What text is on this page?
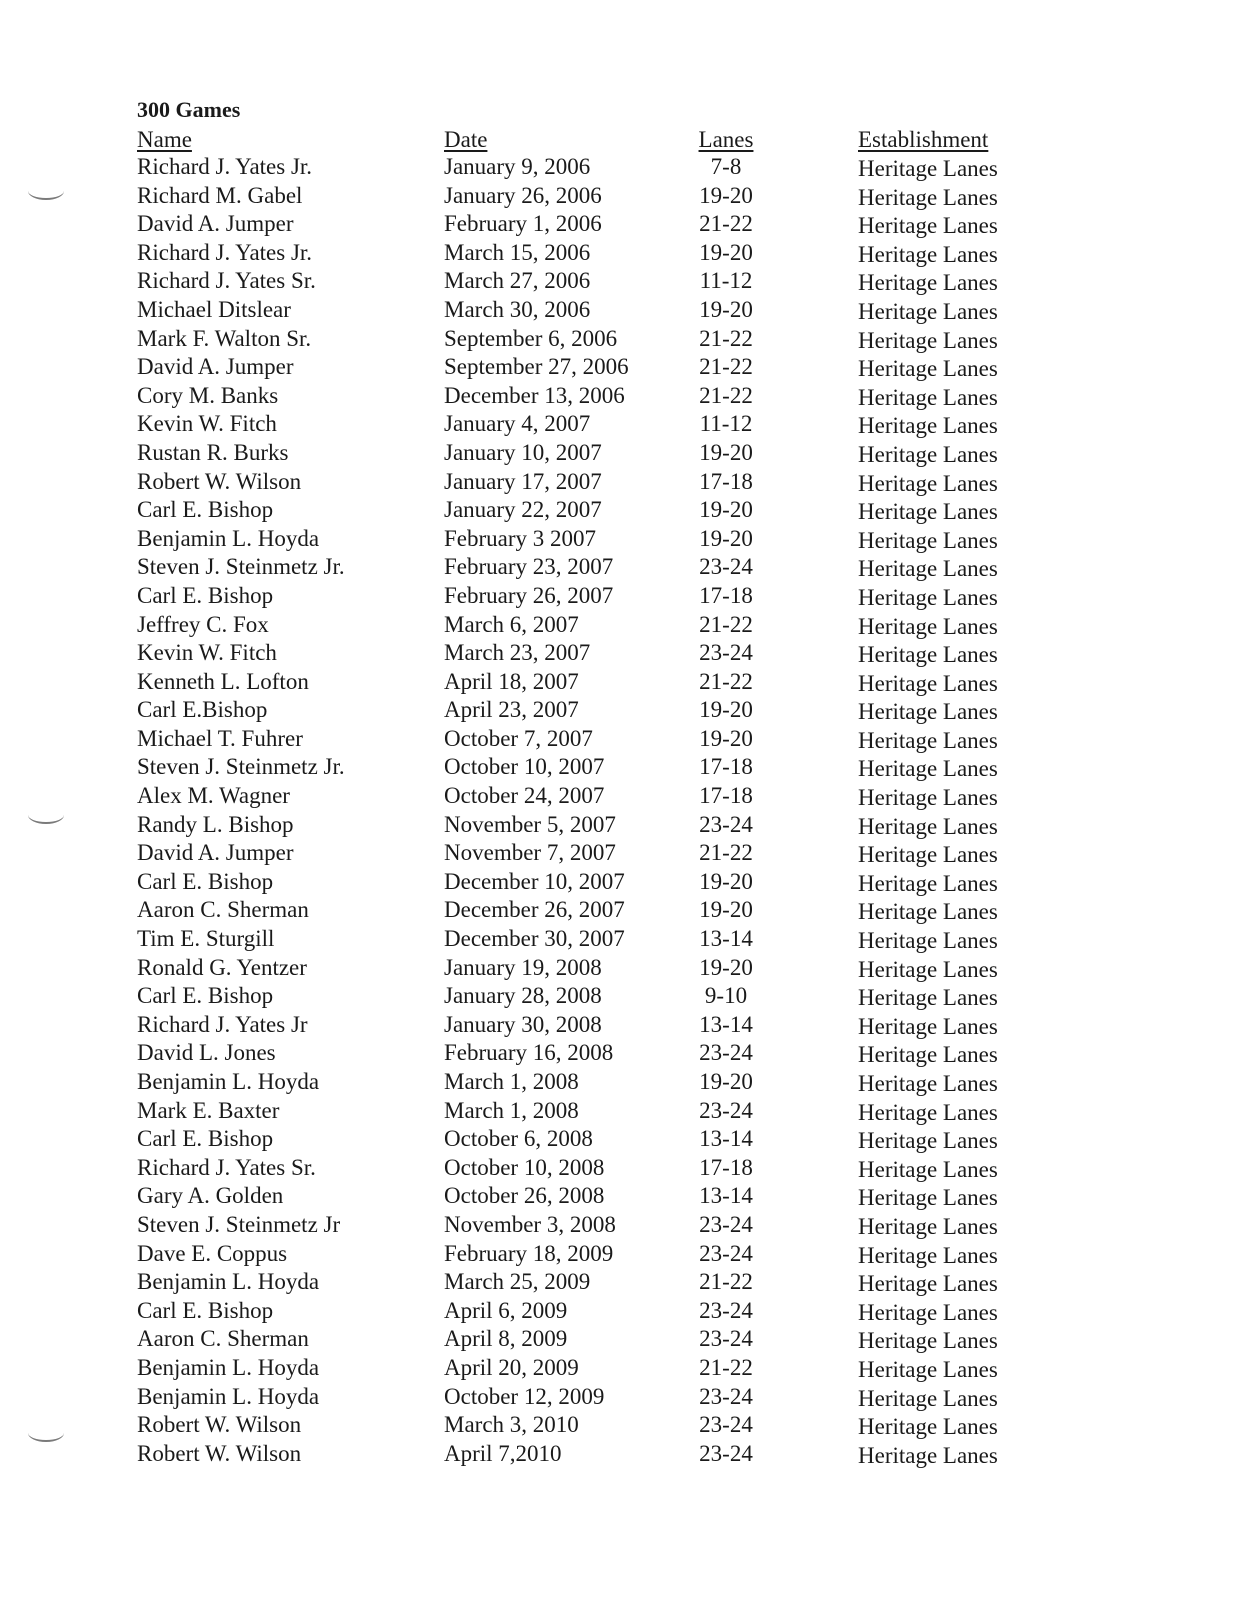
300 Games
Name	Date	Lanes	Establishment
Richard J. Yates Jr.	January 9, 2006	7-8	Heritage Lanes
Richard M. Gabel	January 26, 2006	19-20	Heritage Lanes
David A. Jumper	February 1, 2006	21-22	Heritage Lanes
Richard J. Yates Jr.	March 15, 2006	19-20	Heritage Lanes
Richard J. Yates Sr.	March 27, 2006	11-12	Heritage Lanes
Michael Ditslear	March 30, 2006	19-20	Heritage Lanes
Mark F. Walton Sr.	September 6, 2006	21-22	Heritage Lanes
David A. Jumper	September 27, 2006	21-22	Heritage Lanes
Cory M. Banks	December 13, 2006	21-22	Heritage Lanes
Kevin W. Fitch	January 4, 2007	11-12	Heritage Lanes
Rustan R. Burks	January 10, 2007	19-20	Heritage Lanes
Robert W. Wilson	January 17, 2007	17-18	Heritage Lanes
Carl E. Bishop	January 22, 2007	19-20	Heritage Lanes
Benjamin L. Hoyda	February 3 2007	19-20	Heritage Lanes
Steven J. Steinmetz Jr.	February 23, 2007	23-24	Heritage Lanes
Carl E. Bishop	February 26, 2007	17-18	Heritage Lanes
Jeffrey C. Fox	March 6, 2007	21-22	Heritage Lanes
Kevin W. Fitch	March 23, 2007	23-24	Heritage Lanes
Kenneth L. Lofton	April 18, 2007	21-22	Heritage Lanes
Carl E.Bishop	April 23, 2007	19-20	Heritage Lanes
Michael T. Fuhrer	October 7, 2007	19-20	Heritage Lanes
Steven J. Steinmetz Jr.	October 10, 2007	17-18	Heritage Lanes
Alex M. Wagner	October 24, 2007	17-18	Heritage Lanes
Randy L. Bishop	November 5, 2007	23-24	Heritage Lanes
David A. Jumper	November 7, 2007	21-22	Heritage Lanes
Carl E. Bishop	December 10, 2007	19-20	Heritage Lanes
Aaron C. Sherman	December 26, 2007	19-20	Heritage Lanes
Tim E. Sturgill	December 30, 2007	13-14	Heritage Lanes
Ronald G. Yentzer	January 19, 2008	19-20	Heritage Lanes
Carl E. Bishop	January 28, 2008	9-10	Heritage Lanes
Richard J. Yates Jr	January 30, 2008	13-14	Heritage Lanes
David L. Jones	February 16, 2008	23-24	Heritage Lanes
Benjamin L. Hoyda	March 1, 2008	19-20	Heritage Lanes
Mark E. Baxter	March 1, 2008	23-24	Heritage Lanes
Carl E. Bishop	October 6, 2008	13-14	Heritage Lanes
Richard J. Yates Sr.	October 10, 2008	17-18	Heritage Lanes
Gary A. Golden	October 26, 2008	13-14	Heritage Lanes
Steven J. Steinmetz Jr	November 3, 2008	23-24	Heritage Lanes
Dave E. Coppus	February 18, 2009	23-24	Heritage Lanes
Benjamin L. Hoyda	March 25, 2009	21-22	Heritage Lanes
Carl E. Bishop	April 6, 2009	23-24	Heritage Lanes
Aaron C. Sherman	April 8, 2009	23-24	Heritage Lanes
Benjamin L. Hoyda	April 20, 2009	21-22	Heritage Lanes
Benjamin L. Hoyda	October 12, 2009	23-24	Heritage Lanes
Robert W. Wilson	March 3, 2010	23-24	Heritage Lanes
Robert W. Wilson	April 7,2010	23-24	Heritage Lanes
